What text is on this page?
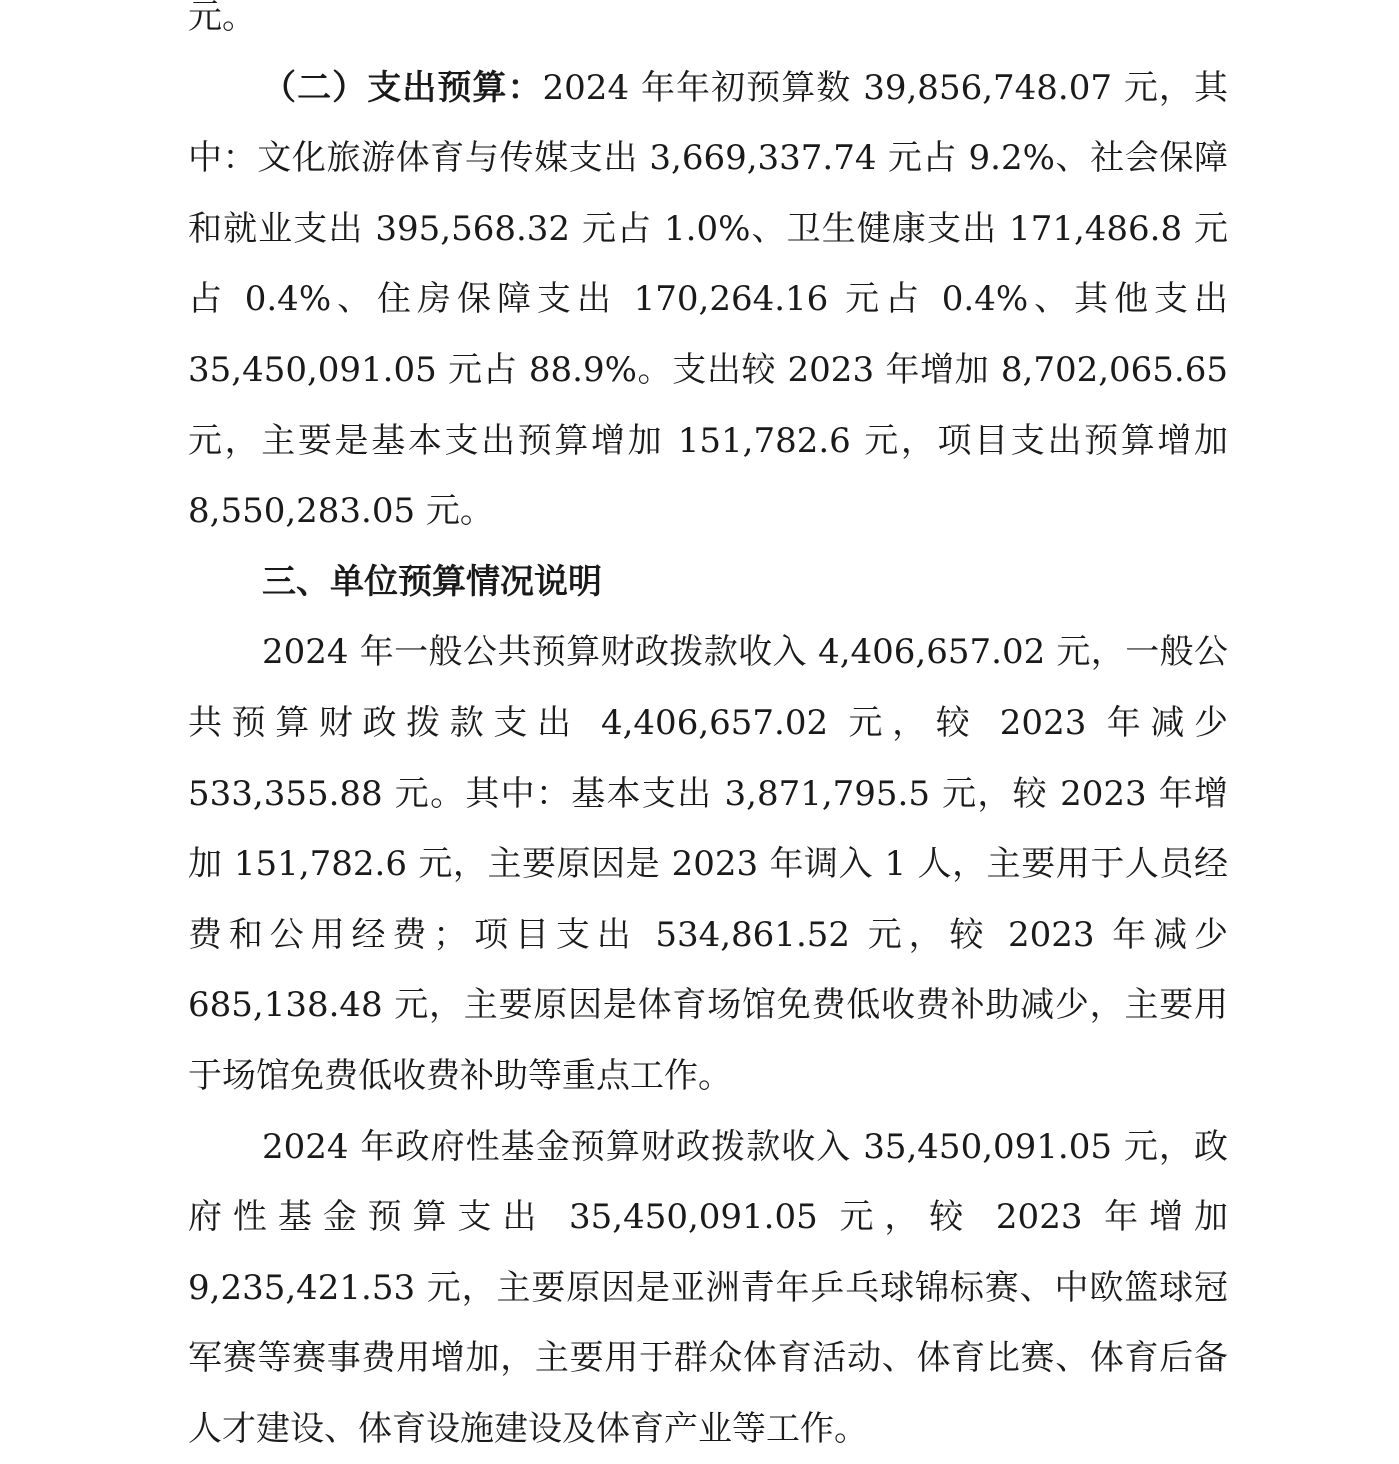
元。

（二）支出预算：2024 年年初预算数 39,856,748.07 元，其中：文化旅游体育与传媒支出 3,669,337.74 元占 9.2%、社会保障和就业支出 395,568.32 元占 1.0%、卫生健康支出 171,486.8 元占 0.4%、住房保障支出 170,264.16 元占 0.4%、其他支出 35,450,091.05 元占 88.9%。支出较 2023 年增加 8,702,065.65 元，主要是基本支出预算增加 151,782.6 元，项目支出预算增加 8,550,283.05 元。

三、单位预算情况说明

2024 年一般公共预算财政拨款收入 4,406,657.02 元，一般公共预算财政拨款支出 4,406,657.02 元，较 2023 年减少 533,355.88 元。其中：基本支出 3,871,795.5 元，较 2023 年增加 151,782.6 元，主要原因是 2023 年调入 1 人，主要用于人员经费和公用经费；项目支出 534,861.52 元，较 2023 年减少 685,138.48 元，主要原因是体育场馆免费低收费补助减少，主要用于场馆免费低收费补助等重点工作。

2024 年政府性基金预算财政拨款收入 35,450,091.05 元，政府性基金预算支出 35,450,091.05 元，较 2023 年增加 9,235,421.53 元，主要原因是亚洲青年乒乓球锦标赛、中欧篮球冠军赛等赛事费用增加，主要用于群众体育活动、体育比赛、体育后备人才建设、体育设施建设及体育产业等工作。
